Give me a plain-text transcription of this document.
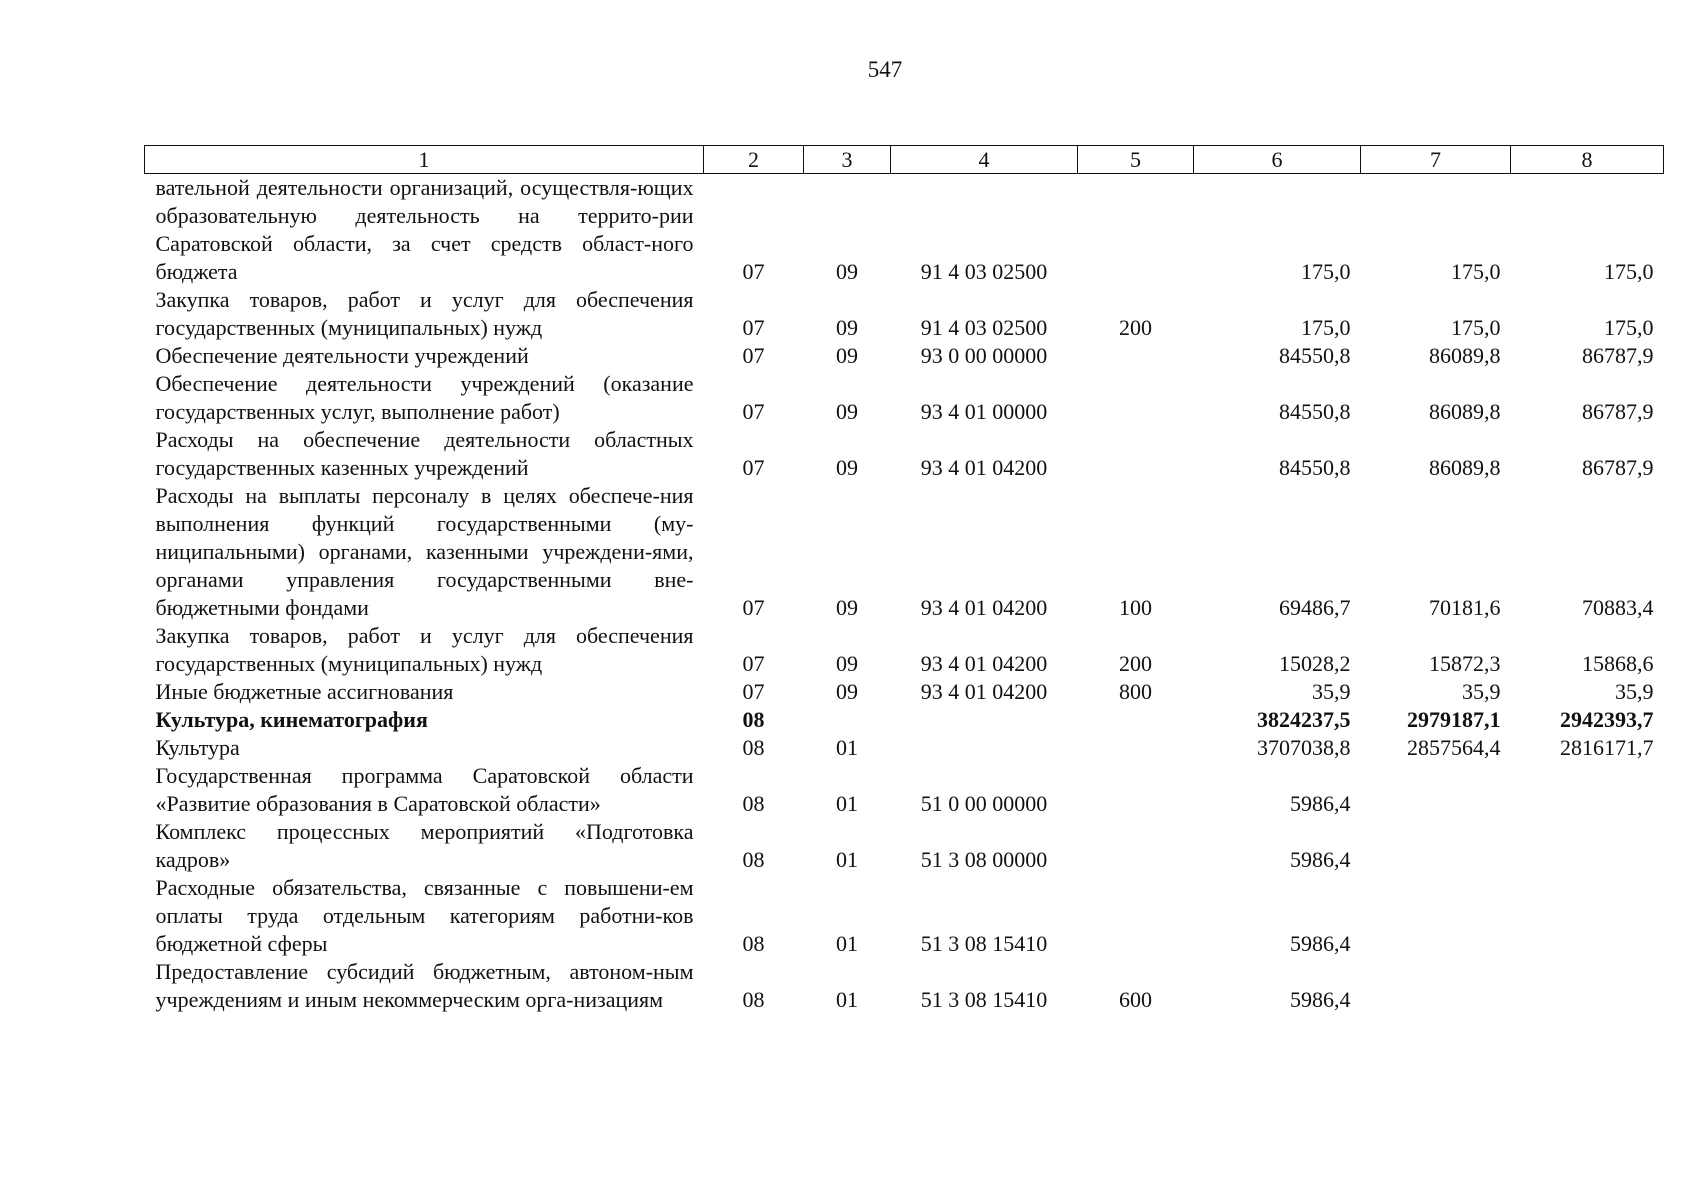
547
1	2	3	4	5	6	7	8
вательной деятельности организаций, осуществля-ющих образовательную деятельность на террито-рии Саратовской области, за счет средств област-ного бюджета	07	09	91 4 03 02500		175,0	175,0	175,0
Закупка товаров, работ и услуг для обеспечения государственных (муниципальных) нужд	07	09	91 4 03 02500	200	175,0	175,0	175,0
Обеспечение деятельности учреждений	07	09	93 0 00 00000		84550,8	86089,8	86787,9
Обеспечение деятельности учреждений (оказание государственных услуг, выполнение работ)	07	09	93 4 01 00000		84550,8	86089,8	86787,9
Расходы на обеспечение деятельности областных государственных казенных учреждений	07	09	93 4 01 04200		84550,8	86089,8	86787,9
Расходы на выплаты персоналу в целях обеспече-ния выполнения функций государственными (му-ниципальными) органами, казенными учреждени-ями, органами управления государственными вне-бюджетными фондами	07	09	93 4 01 04200	100	69486,7	70181,6	70883,4
Закупка товаров, работ и услуг для обеспечения государственных (муниципальных) нужд	07	09	93 4 01 04200	200	15028,2	15872,3	15868,6
Иные бюджетные ассигнования	07	09	93 4 01 04200	800	35,9	35,9	35,9
Культура, кинематография	08				3824237,5	2979187,1	2942393,7
Культура	08	01			3707038,8	2857564,4	2816171,7
Государственная программа Саратовской области «Развитие образования в Саратовской области»	08	01	51 0 00 00000		5986,4		
Комплекс процессных мероприятий «Подготовка кадров»	08	01	51 3 08 00000		5986,4		
Расходные обязательства, связанные с повышени-ем оплаты труда отдельным категориям работни-ков бюджетной сферы	08	01	51 3 08 15410		5986,4		
Предоставление субсидий бюджетным, автоном-ным учреждениям и иным некоммерческим орга-низациям	08	01	51 3 08 15410	600	5986,4		
